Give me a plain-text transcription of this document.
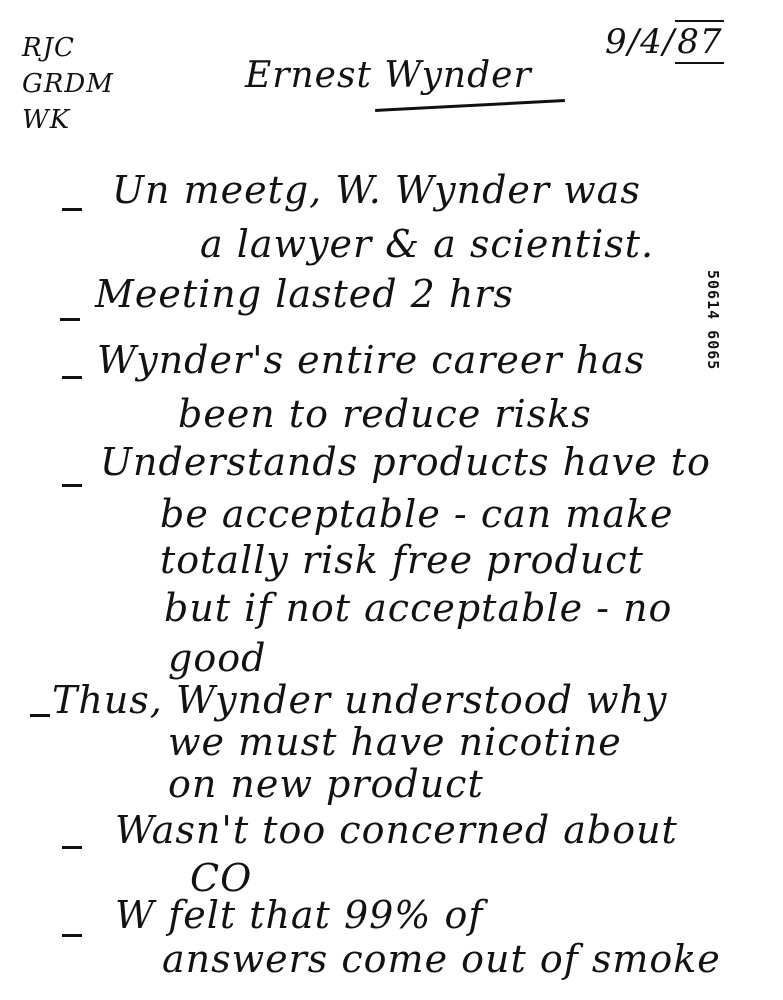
RJC
GRDM
WK
Ernest Wynder
9/4/87
50614 6065
Un meetg, W. Wynder was
a lawyer & a scientist.
Meeting lasted 2 hrs
Wynder's entire career has
been to reduce risks
Understands products have to
be acceptable - can make
totally risk free product
but if not acceptable - no
good
Thus, Wynder understood why
we must have nicotine
on new product
Wasn't too concerned about
CO
W felt that 99% of
answers come out of smoke
